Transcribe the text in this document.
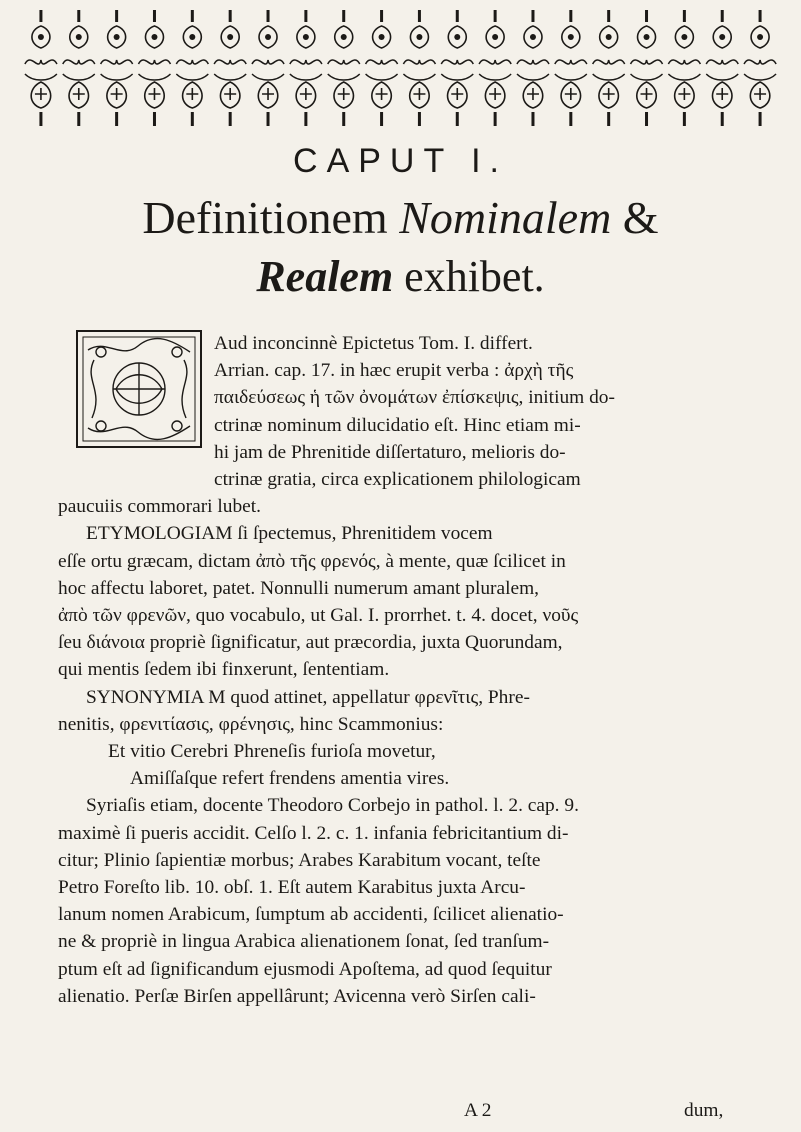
CAPUT I.
Definitionem Nominalem &
Realem exhibet.
Aud inconcinnè Epictetus Tom. I. differt.
Arrian. cap. 17. in hæc erupit verba : ἀρχὴ τῆς
παιδεύσεως ἡ τῶν ὀνομάτων ἐπίσκεψις, initium do-
ctrinæ nominum dilucidatio eſt. Hinc etiam mi-
hi jam de Phrenitide diſſertaturo, melioris do-
ctrinæ gratia, circa explicationem philologicam
paucuiis commorari lubet.
ETYMOLOGIAM ſi ſpectemus, Phrenitidem vocem
eſſe ortu græcam, dictam ἀπὸ τῆς φρενός, à mente, quæ ſcilicet in
hoc affectu laboret, patet. Nonnulli numerum amant pluralem,
ἀπὸ τῶν φρενῶν, quo vocabulo, ut Gal. I. prorrhet. t. 4. docet, νοῦς
ſeu διάνοια propriè ſignificatur, aut præcordia, juxta Quorundam,
qui mentis ſedem ibi finxerunt, ſententiam.
SYNONYMIA M quod attinet, appellatur φρενῖτις, Phre-
nenitis, φρενιτίασις, φρένησις, hinc Scammonius:
Et vitio Cerebri Phreneſis furioſa movetur,
Amiſſaſque refert frendens amentia vires.
Syriaſis etiam, docente Theodoro Corbejo in pathol. l. 2. cap. 9.
maximè ſi pueris accidit. Celſo l. 2. c. 1. infania febricitantium di-
citur; Plinio ſapientiæ morbus; Arabes Karabitum vocant, teſte
Petro Foreſto lib. 10. obſ. 1. Eſt autem Karabitus juxta Arcu-
lanum nomen Arabicum, ſumptum ab accidenti, ſcilicet alienatio-
ne & propriè in lingua Arabica alienationem ſonat, ſed tranſum-
ptum eſt ad ſignificandum ejusmodi Apoſtema, ad quod ſequitur
alienatio. Perſæ Birſen appellârunt; Avicenna verò Sirſen cali-
A 2	dum,
